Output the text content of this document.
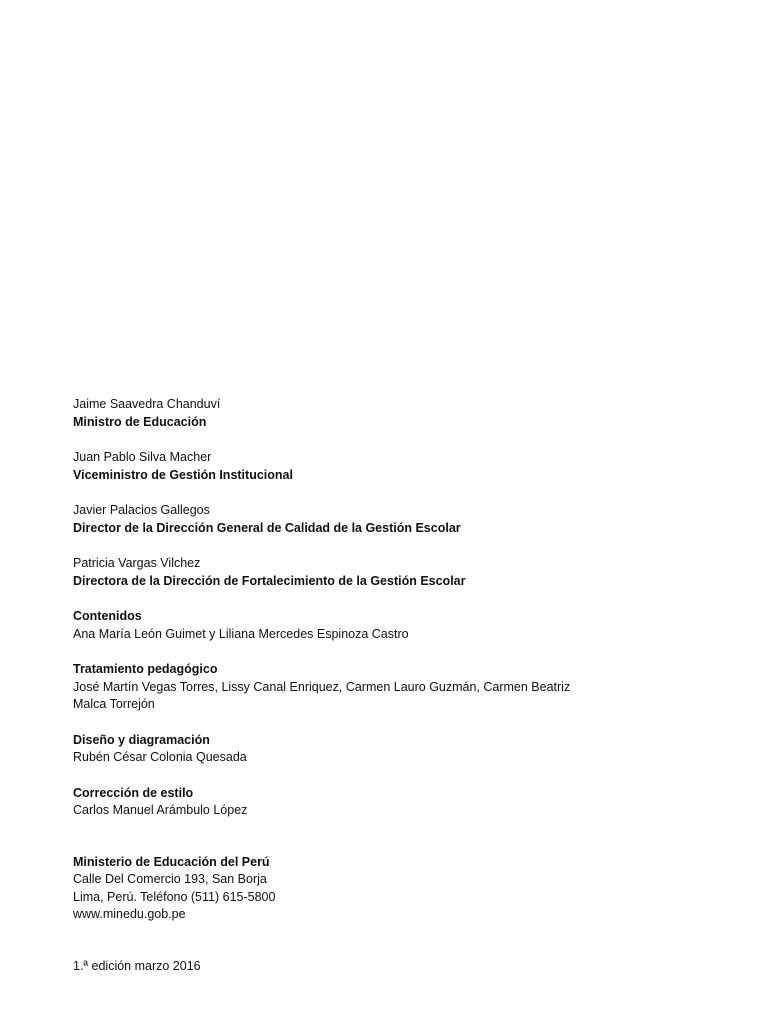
Jaime Saavedra Chanduví

Ministro de Educación

Juan Pablo Silva Macher

Viceministro de Gestión Institucional

Javier Palacios Gallegos

Director de la Dirección General de Calidad de la Gestión Escolar

Patricia Vargas Vilchez

Directora de la Dirección de Fortalecimiento de la Gestión Escolar

Contenidos

Ana María León Guimet y Liliana Mercedes Espinoza Castro

Tratamiento pedagógico

José Martín Vegas Torres, Lissy Canal Enriquez, Carmen Lauro Guzmán, Carmen Beatriz

Malca Torrejón

Diseño y diagramación

Rubén César Colonia Quesada

Corrección de estilo

Carlos Manuel Arámbulo López

Ministerio de Educación del Perú

Calle Del Comercio 193, San Borja

Lima, Perú. Teléfono (511) 615-5800

www.minedu.gob.pe

1.ª edición marzo 2016
